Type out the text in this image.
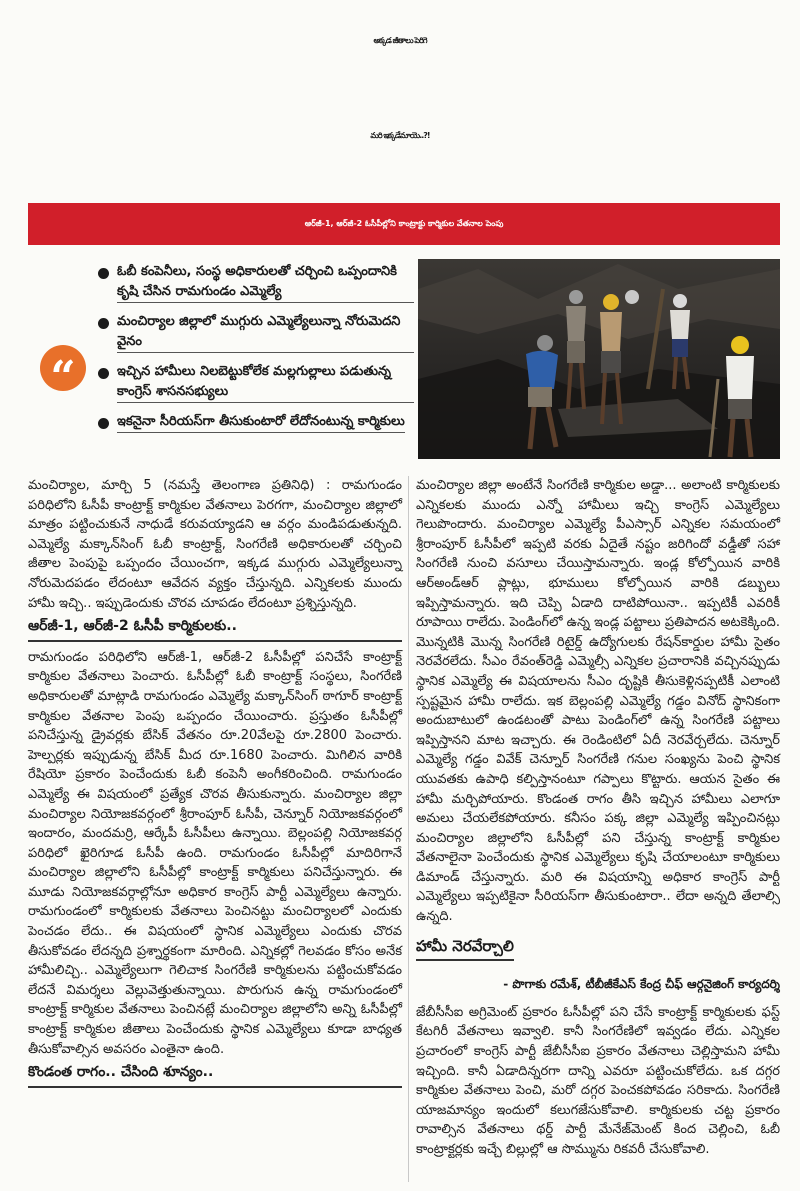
అక్కడ జీతాలు పెరిగె
మరి ఇక్కడేమాయె..?!
ఆర్‌జీ-1, ఆర్‌జీ-2 ఓసీపీల్లోని కాంట్రాక్టు కార్మికుల వేతనాల పెంపు
“
ఓబీ కంపెనీలు, సంస్థ అధికారులతో చర్చించి ఒప్పందానికి కృషి చేసిన రామగుండం ఎమ్మెల్యే
మంచిర్యాల జిల్లాలో ముగ్గురు ఎమ్మెల్యేలున్నా నోరుమెదని వైనం
ఇచ్చిన హామీలు నిలబెట్టుకోలేక మల్లగుల్లాలు పడుతున్న కాంగ్రెస్ శాసనసభ్యులు
ఇకనైనా సీరియస్‌గా తీసుకుంటారో లేదోనంటున్న కార్మికులు

మంచిర్యాల, మార్చి 5 (నమస్తే తెలంగాణ ప్రతినిధి) : రామగుండం పరిధిలోని ఓసీపీ కాంట్రాక్ట్ కార్మికుల వేతనాలు పెరగగా, మంచిర్యాల జిల్లాలో మాత్రం పట్టించుకునే నాధుడే కరువయ్యాడని ఆ వర్గం మండిపడుతున్నది. ఎమ్మెల్యే మక్కాన్‌సింగ్ ఓబీ కాంట్రాక్ట్, సింగరేణి అధికారులతో చర్చించి జీతాల పెంపుపై ఒప్పందం చేయించగా, ఇక్కడ ముగ్గురు ఎమ్మెల్యేలున్నా నోరుమెదపడం లేదంటూ ఆవేదన వ్యక్తం చేస్తున్నది. ఎన్నికలకు ముందు హామీ ఇచ్చి.. ఇప్పుడెందుకు చొరవ చూపడం లేదంటూ ప్రశ్నిస్తున్నది.

ఆర్‌జీ-1, ఆర్‌జీ-2 ఓసీపీ కార్మికులకు..

రామగుండం పరిధిలోని ఆర్‌జీ-1, ఆర్‌జీ-2 ఓసీపీల్లో పనిచేసే కాంట్రాక్ట్ కార్మికుల వేతనాలు పెంచారు. ఓసీపీల్లో ఓబీ కాంట్రాక్ట్ సంస్థలు, సింగరేణి అధికారులతో మాట్లాడి రామగుండం ఎమ్మెల్యే మక్కాన్‌సింగ్ ఠాగూర్ కాంట్రాక్ట్ కార్మికుల వేతనాల పెంపు ఒప్పందం చేయించారు. ప్రస్తుతం ఓసీపీల్లో పనిచేస్తున్న డ్రైవర్లకు బేసిక్ వేతనం రూ.20వేలపై రూ.2800 పెంచారు. హెల్పర్లకు ఇప్పుడున్న బేసిక్ మీద రూ.1680 పెంచారు. మిగిలిన వారికి రేషియో ప్రకారం పెంచేందుకు ఓబీ కంపెనీ అంగీకరించింది. రామగుండం ఎమ్మెల్యే ఈ విషయంలో ప్రత్యేక చొరవ తీసుకున్నారు. మంచిర్యాల జిల్లా మంచిర్యాల నియోజకవర్గంలో శ్రీరాంపూర్ ఓసీపీ, చెన్నూర్ నియోజకవర్గంలో ఇందారం, మందమర్రి, ఆర్కేపీ ఓసీపీలు ఉన్నాయి. బెల్లంపల్లి నియోజకవర్గ పరిధిలో ఖైరిగూడ ఓసీపీ ఉంది. రామగుండం ఓసీపీల్లో మాదిరిగానే మంచిర్యాల జిల్లాలోని ఓసీపీల్లో కాంట్రాక్ట్ కార్మికులు పనిచేస్తున్నారు. ఈ మూడు నియోజకవర్గాల్లోనూ అధికార కాంగ్రెస్ పార్టీ ఎమ్మెల్యేలు ఉన్నారు. రామగుండంలో కార్మికులకు వేతనాలు పెంచినట్టు మంచిర్యాలలో ఎందుకు పెంచడం లేదు.. ఈ విషయంలో స్థానిక ఎమ్మెల్యేలు ఎందుకు చొరవ తీసుకోవడం లేదన్నది ప్రశ్నార్థకంగా మారింది. ఎన్నికల్లో గెలవడం కోసం అనేక హామీలిచ్చి.. ఎమ్మెల్యేలుగా గెలిచాక సింగరేణి కార్మికులను పట్టించుకోవడం లేదనే విమర్శలు వెల్లువెత్తుతున్నాయి. పొరుగున ఉన్న రామగుండంలో కాంట్రాక్ట్ కార్మికుల వేతనాలు పెంచినట్లే మంచిర్యాల జిల్లాలోని అన్ని ఓసీపీల్లో కాంట్రాక్ట్ కార్మికుల జీతాలు పెంచేందుకు స్థానిక ఎమ్మెల్యేలు కూడా బాధ్యత తీసుకోవాల్సిన అవసరం ఎంతైనా ఉంది.

కొండంత రాగం.. చేసింది శూన్యం..

మంచిర్యాల జిల్లా అంటేనే సింగరేణి కార్మికుల అడ్డా... అలాంటి కార్మికులకు ఎన్నికలకు ముందు ఎన్నో హామీలు ఇచ్చి కాంగ్రెస్ ఎమ్మెల్యేలు గెలుపొందారు. మంచిర్యాల ఎమ్మెల్యే పీఎస్సార్ ఎన్నికల సమయంలో శ్రీరాంపూర్ ఓసీపీలో ఇప్పటి వరకు ఏదైతే నష్టం జరిగిందో వడ్డీతో సహా సింగరేణి నుంచి వసూలు చేయిస్తామన్నారు. ఇండ్ల కోల్పోయిన వారికి ఆర్‌అండ్ఆర్ ప్లాట్లు, భూములు కోల్పోయిన వారికి డబ్బులు ఇప్పిస్తామన్నారు. ఇది చెప్పి ఏడాది దాటిపోయినా.. ఇప్పటికీ ఎవరికీ రూపాయి రాలేదు. పెండింగ్‌లో ఉన్న ఇండ్ల పట్టాలు ప్రతిపాదన అటకెక్కింది. మొన్నటికి మొన్న సింగరేణి రిటైర్డ్ ఉద్యోగులకు రేషన్‌కార్డుల హామీ సైతం నెరవేరలేదు. సీఎం రేవంత్‌రెడ్డి ఎమ్మెల్సీ ఎన్నికల ప్రచారానికి వచ్చినప్పుడు స్థానిక ఎమ్మెల్యే ఈ విషయాలను సీఎం దృష్టికి తీసుకెళ్లినప్పటికీ ఎలాంటి స్పష్టమైన హామీ రాలేదు. ఇక బెల్లంపల్లి ఎమ్మెల్యే గడ్డం వినోద్ స్థానికంగా అందుబాటులో ఉండటంతో పాటు పెండింగ్‌లో ఉన్న సింగరేణి పట్టాలు ఇప్పిస్తానని మాట ఇచ్చారు. ఈ రెండింటిలో ఏదీ నెరవేర్చలేదు. చెన్నూర్ ఎమ్మెల్యే గడ్డం వివేక్ చెన్నూర్ సింగరేణి గనుల సంఖ్యను పెంచి స్థానిక యువతకు ఉపాధి కల్పిస్తానంటూ గప్పాలు కొట్టారు. ఆయన సైతం ఈ హామీ మర్చిపోయారు. కొండంత రాగం తీసి ఇచ్చిన హామీలు ఎలాగూ అమలు చేయలేకపోయారు. కనీసం పక్క జిల్లా ఎమ్మెల్యే ఇప్పించినట్లు మంచిర్యాల జిల్లాలోని ఓసీపీల్లో పని చేస్తున్న కాంట్రాక్ట్ కార్మికుల వేతనాలైనా పెంచేందుకు స్థానిక ఎమ్మెల్యేలు కృషి చేయాలంటూ కార్మికులు డిమాండ్ చేస్తున్నారు. మరి ఈ విషయాన్ని అధికార కాంగ్రెస్ పార్టీ ఎమ్మెల్యేలు ఇప్పటికైనా సీరియస్‌గా తీసుకుంటారా.. లేదా అన్నది తేలాల్సి ఉన్నది.

హామీ నెరవేర్చాలి
- పొగాకు రమేశ్, టీబీజీకేఎస్ కేంద్ర చీఫ్ ఆర్గనైజింగ్ కార్యదర్శి

జేబీసీసీఐ అగ్రిమెంట్ ప్రకారం ఓసీపీల్లో పని చేసే కాంట్రాక్ట్ కార్మికులకు ఫస్ట్ కేటగిరీ వేతనాలు ఇవ్వాలి. కానీ సింగరేణిలో ఇవ్వడం లేదు. ఎన్నికల ప్రచారంలో కాంగ్రెస్ పార్టీ జేబీసీసీఐ ప్రకారం వేతనాలు చెల్లిస్తామని హామీ ఇచ్చింది. కానీ ఏడాదిన్నరగా దాన్ని ఎవరూ పట్టించుకోలేదు. ఒక దగ్గర కార్మికుల వేతనాలు పెంచి, మరో దగ్గర పెంచకపోవడం సరికాదు. సింగరేణి యాజమాన్యం ఇందులో కలుగజేసుకోవాలి. కార్మికులకు చట్ట ప్రకారం రావాల్సిన వేతనాలు థర్డ్ పార్టీ మేనేజ్‌మెంట్ కింద చెల్లించి, ఓబీ కాంట్రాక్టర్లకు ఇచ్చే బిల్లుల్లో ఆ సొమ్మును రికవరీ చేసుకోవాలి.
